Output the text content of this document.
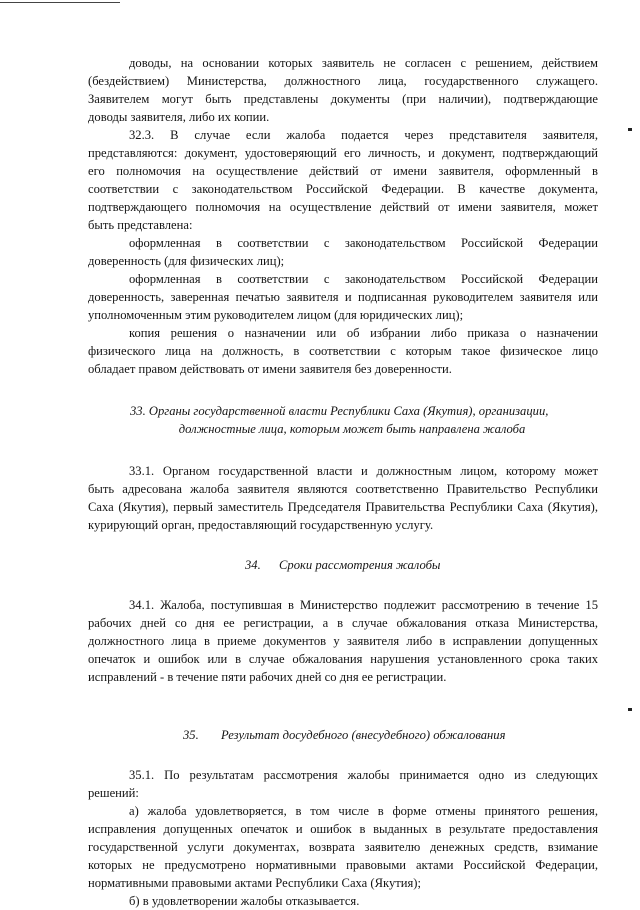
доводы, на основании которых заявитель не согласен с решением, действием

(бездействием) Министерства, должностного лица, государственного служащего.

Заявителем могут быть представлены документы (при наличии), подтверждающие

доводы заявителя, либо их копии.

32.3. В случае если жалоба подается через представителя заявителя,

представляются: документ, удостоверяющий его личность, и документ, подтверждающий

его полномочия на осуществление действий от имени заявителя, оформленный в

соответствии с законодательством Российской Федерации. В качестве документа,

подтверждающего полномочия на осуществление действий от имени заявителя, может

быть представлена:

оформленная в соответствии с законодательством Российской Федерации

доверенность (для физических лиц);

оформленная в соответствии с законодательством Российской Федерации

доверенность, заверенная печатью заявителя и подписанная руководителем заявителя или

уполномоченным этим руководителем лицом (для юридических лиц);

копия решения о назначении или об избрании либо приказа о назначении

физического лица на должность, в соответствии с которым такое физическое лицо

обладает правом действовать от имени заявителя без доверенности.

33. Органы государственной власти Республики Саха (Якутия), организации,
должностные лица, которым может быть направлена жалоба

33.1. Органом государственной власти и должностным лицом, которому может

быть адресована жалоба заявителя являются соответственно Правительство Республики

Саха (Якутия), первый заместитель Председателя Правительства Республики Саха (Якутия),

курирующий орган, предоставляющий государственную услугу.

34. Сроки рассмотрения жалобы

34.1. Жалоба, поступившая в Министерство подлежит рассмотрению в течение 15

рабочих дней со дня ее регистрации, а в случае обжалования отказа Министерства,

должностного лица в приеме документов у заявителя либо в исправлении допущенных

опечаток и ошибок или в случае обжалования нарушения установленного срока таких

исправлений - в течение пяти рабочих дней со дня ее регистрации.

35. Результат досудебного (внесудебного) обжалования

35.1. По результатам рассмотрения жалобы принимается одно из следующих

решений:

а) жалоба удовлетворяется, в том числе в форме отмены принятого решения,

исправления допущенных опечаток и ошибок в выданных в результате предоставления

государственной услуги документах, возврата заявителю денежных средств, взимание

которых не предусмотрено нормативными правовыми актами Российской Федерации,

нормативными правовыми актами Республики Саха (Якутия);

б) в удовлетворении жалобы отказывается.
